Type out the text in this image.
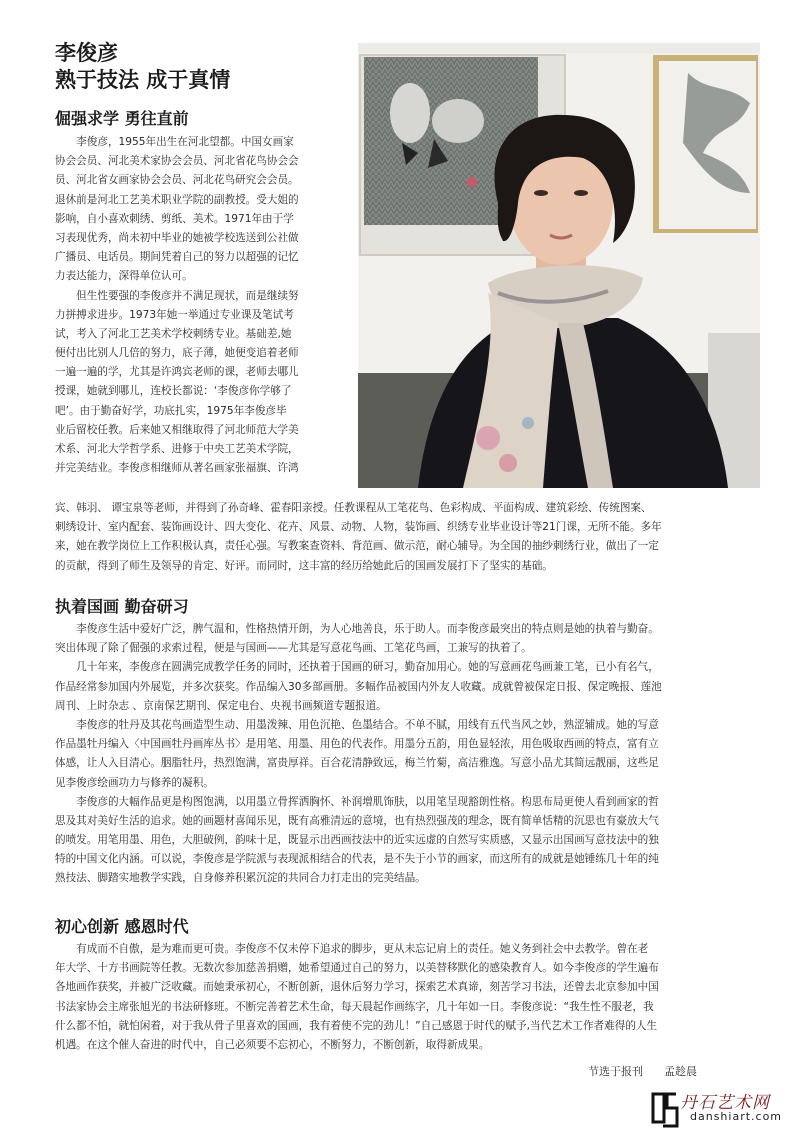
李俊彦
熟于技法 成于真情
倔强求学 勇往直前
　　李俊彦，1955年出生在河北望都。中国女画家
协会会员、河北美术家协会会员、河北省花鸟协会会
员、河北省女画家协会会员、河北花鸟研究会会员。
退休前是河北工艺美术职业学院的副教授。受大姐的
影响，自小喜欢刺绣、剪纸、美术。1971年由于学
习表现优秀，尚未初中毕业的她被学校选送到公社做
广播员、电话员。期间凭着自己的努力以超强的记忆
力表达能力，深得单位认可。
　　但生性要强的李俊彦并不满足现状，而是继续努
力拼搏求进步。1973年她一举通过专业课及笔试考
试，考入了河北工艺美术学校刺绣专业。基础差,她
便付出比别人几倍的努力，底子薄，她便变追着老师
一遍一遍的学，尤其是许鸿宾老师的课，老师去哪儿
授课，她就到哪儿，连校长都说：‘李俊彦你学够了
吧’。由于勤奋好学，功底扎实，1975年李俊彦毕
业后留校任教。后来她又相继取得了河北师范大学美
术系、河北大学哲学系、进修于中央工艺美术学院，
并完美结业。李俊彦相继师从著名画家张福旗、许鸿
宾、韩羽、 谭宝泉等老师，并得到了孙奇峰、霍春阳亲授。任教课程从工笔花鸟、色彩构成、平面构成、建筑彩绘、传统图案、
刺绣设计、室内配套、装饰画设计、四大变化、花卉、风景、动物、人物，装饰画、织绣专业毕业设计等21门课，无所不能。多年
来，她在教学岗位上工作积极认真，责任心强。写教案查资料、背范画、做示范，耐心辅导。为全国的抽纱刺绣行业，做出了一定
的贡献，得到了师生及领导的肯定、好评。而同时，这丰富的经历给她此后的国画发展打下了坚实的基础。
执着国画 勤奋研习
　　李俊彦生活中爱好广泛，脾气温和，性格热情开朗，为人心地善良，乐于助人。而李俊彦最突出的特点则是她的执着与勤奋。
突出体现了除了倔强的求索过程，便是与国画——尤其是写意花鸟画、工笔花鸟画，工兼写的执着了。
　　几十年来，李俊彦在圆满完成教学任务的同时，还执着于国画的研习，勤奋加用心。她的写意画花鸟画兼工笔，已小有名气，
作品经常参加国内外展览，并多次获奖。作品编入30多部画册。多幅作品被国内外友人收藏。成就曾被保定日报、保定晚报、莲池
周刊、上时杂志 、京南保艺期刊、保定电台、央视书画频道专题报道。
　　李俊彦的牡丹及其花鸟画造型生动、用墨泼辣、用色沉艳、色墨结合。不单不腻，用线有五代当风之妙，熟涩辅成。她的写意
作品墨牡丹编入〈中国画牡丹画库丛书〉是用笔、用墨、用色的代表作。用墨分五韵，用色显轻浓，用色吸取西画的特点，富有立
体感，让人入目清心。胭脂牡丹，热烈饱满，富贵厚祥。百合花清静致远，梅兰竹菊，高洁雅逸。写意小品尤其简远靓丽，这些足
见李俊彦绘画功力与修养的凝积。
　　李俊彦的大幅作品更是构图饱满，以用墨立骨挥洒胸怀、补润增肌饰肤，以用笔呈现豁朗性格。构思布局更使人看到画家的哲
思及其对美好生活的追求。她的画题材喜闻乐见，既有高雅清远的意境，也有热烈强茂的理念，既有简单恬精的沉思也有豪放大气
的喷发。用笔用墨、用色，大胆破例，韵味十足，既显示出西画技法中的近实远虚的自然写实质感，又显示出国画写意技法中的独
特的中国文化内涵。可以说，李俊彦是学院派与表现派相结合的代表，是不失于小节的画家，而这所有的成就是她锤练几十年的纯
熟技法、脚踏实地教学实践，自身修养积累沉淀的共同合力打走出的完美结晶。
初心创新 感恩时代
　　有成而不自傲，是为难而更可贵。李俊彦不仅未停下追求的脚步，更从未忘记肩上的责任。她义务到社会中去教学。曾在老
年大学、十方书画院等任教。无数次参加慈善捐赠，她希望通过自己的努力，以美替移默化的感染教育人。如今李俊彦的学生遍布
各地画作获奖，并被广泛收藏。而她秉承初心，不断创新，退休后努力学习，探索艺术真谛，刻苦学习书法，还曾去北京参加中国
书法家协会主席张旭光的书法研修班。不断完善着艺术生命，每天晨起作画练字，几十年如一日。李俊彦说：“我生性不服老，我
什么都不怕，就怕闲着，对于我从骨子里喜欢的国画，我有着使不完的劲儿！”自己感恩于时代的赋予,当代艺术工作者难得的人生
机遇。在这个催人奋进的时代中，自己必须要不忘初心，不断努力，不断创新，取得新成果。
节选于报刊 孟趁晨
丹石艺术网
danshiart.com
